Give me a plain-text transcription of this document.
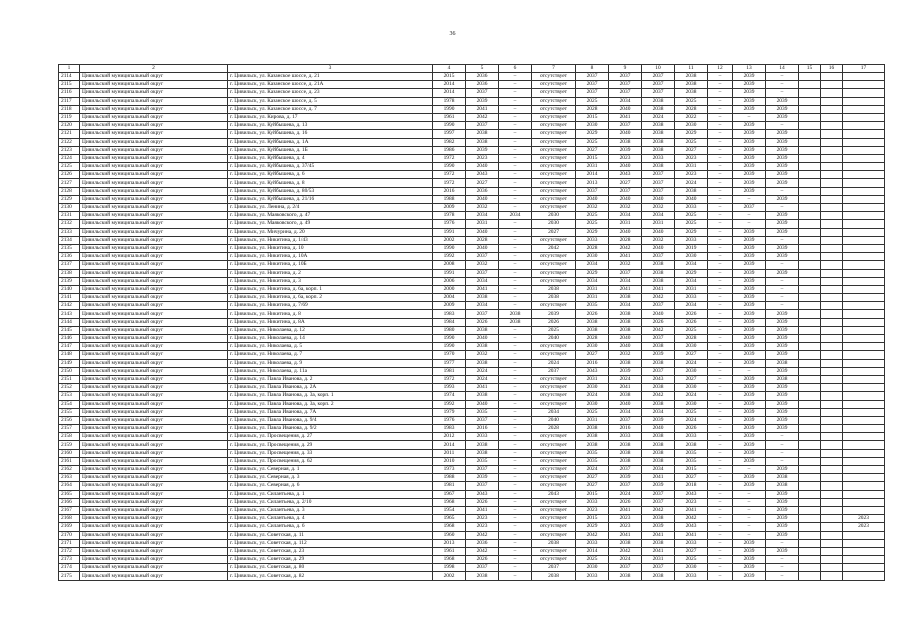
36
1	2	3	4	5	6	7	8	9	10	11	12	13	14	15	16	17
2114	Цивильский муниципальный округ	г. Цивильск, ул. Казанское шоссе, д. 21	2015	2036	–	отсутствует	2037	2037	2037	2038	–	2039	–			
2115	Цивильский муниципальный округ	г. Цивильск, ул. Казанское шоссе, д. 21А	2014	2036	–	отсутствует	2037	2037	2037	2038	–	2039	–			
2116	Цивильский муниципальный округ	г. Цивильск, ул. Казанское шоссе, д. 23	2014	2037	–	отсутствует	2037	2037	2037	2038	–	2039	–			
2117	Цивильский муниципальный округ	г. Цивильск, ул. Казанское шоссе, д. 5	1978	2039	–	отсутствует	2025	2034	2038	2025	–	2039	2039			
2118	Цивильский муниципальный округ	г. Цивильск, ул. Казанское шоссе, д. 7	1990	2041	–	отсутствует	2028	2040	2038	2028	–	2039	2039			
2119	Цивильский муниципальный округ	г. Цивильск, ул. Кирова, д. 17	1961	2042	–	отсутствует	2015	2041	2024	2022	–	–	2039			
2120	Цивильский муниципальный округ	г. Цивильск, ул. Куйбышева, д. 13	1990	2037	–	отсутствует	2030	2037	2038	2030	–	2039	–			
2121	Цивильский муниципальный округ	г. Цивильск, ул. Куйбышева, д. 16	1997	2038	–	отсутствует	2029	2040	2038	2029	–	2039	2039			
2122	Цивильский муниципальный округ	г. Цивильск, ул. Куйбышева, д. 1А	1982	2038	–	отсутствует	2025	2038	2038	2025	–	2039	2039			
2123	Цивильский муниципальный округ	г. Цивильск, ул. Куйбышева, д. 1Б	1986	2039	–	отсутствует	2027	2039	2038	2027	–	2039	2039			
2124	Цивильский муниципальный округ	г. Цивильск, ул. Куйбышева, д. 4	1972	2023	–	отсутствует	2015	2023	2033	2023	–	2039	2039			
2125	Цивильский муниципальный округ	г. Цивильск, ул. Куйбышева, д. 37/45	1990	2040	–	отсутствует	2031	2040	2038	2031	–	2039	2039			
2126	Цивильский муниципальный округ	г. Цивильск, ул. Куйбышева, д. 6	1972	2043	–	отсутствует	2014	2043	2037	2023	–	2039	2039			
2127	Цивильский муниципальный округ	г. Цивильск, ул. Куйбышева, д. 8	1972	2027	–	отсутствует	2013	2027	2037	2024	–	2039	2039			
2128	Цивильский муниципальный округ	г. Цивильск, ул. Куйбышева, д. 80/53	2016	2036	–	отсутствует	2037	2037	2037	2038	–	2039	–			
2129	Цивильский муниципальный округ	г. Цивильск, ул. Куйбышева, д. 21/16	1988	2040	–	отсутствует	2040	2040	2040	2040	–	–	2039			
2130	Цивильский муниципальный округ	г. Цивильск, ул. Ленина, д. 2/4	2009	2032	–	отсутствует	2032	2032	2032	2033	–	2037	–			
2131	Цивильский муниципальный округ	г. Цивильск, ул. Маяковского, д. 47	1978	2034	2034	2030	2025	2034	2034	2025	–	–	2039			
2132	Цивильский муниципальный округ	г. Цивильск, ул. Маяковского, д. 49	1976	2031	–	2030	2025	2031	2031	2025	–	–	2039			
2133	Цивильский муниципальный округ	г. Цивильск, ул. Мичурина, д. 20	1991	2040	–	2027	2029	2040	2040	2029	–	2039	2039			
2134	Цивильский муниципальный округ	г. Цивильск, ул. Никитина, д. 1/43	2002	2028	–	отсутствует	2033	2028	2032	2033	–	2039	–			
2135	Цивильский муниципальный округ	г. Цивильск, ул. Никитина, д. 10	1990	2040	–	2042	2028	2042	2040	2019	–	2039	2039			
2136	Цивильский муниципальный округ	г. Цивильск, ул. Никитина, д. 10А	1992	2037	–	отсутствует	2030	2041	2037	2030	–	2039	2039			
2137	Цивильский муниципальный округ	г. Цивильск, ул. Никитина, д. 10Б	2008	2032	–	отсутствует	2034	2032	2038	2034	–	2039	–			
2138	Цивильский муниципальный округ	г. Цивильск, ул. Никитина, д. 2	1991	2037	–	отсутствует	2029	2037	2038	2029	–	2039	2039			
2139	Цивильский муниципальный округ	г. Цивильск, ул. Никитина, д. 3	2006	2034	–	отсутствует	2034	2034	2038	2034	–	2039	–			
2140	Цивильский муниципальный округ	г. Цивильск, ул. Никитина, д. 6а, корп. 1	2000	2041	–	2038	2031	2041	2041	2031	–	2039	–			
2141	Цивильский муниципальный округ	г. Цивильск, ул. Никитина, д. 6а, корп. 2	2004	2038	–	2038	2031	2038	2042	2033	–	2039	–			
2142	Цивильский муниципальный округ	г. Цивильск, ул. Никитина, д. 7/69	2009	2034	–	отсутствует	2035	2034	2037	2034	–	2039	–			
2143	Цивильский муниципальный округ	г. Цивильск, ул. Никитина, д. 8	1983	2037	2038	2039	2026	2038	2040	2026	–	2039	2039			
2144	Цивильский муниципальный округ	г. Цивильск, ул. Никитина, д. 8А	1984	2026	2038	2026	2038	2038	2026	2026	–	2039	2039			
2145	Цивильский муниципальный округ	г. Цивильск, ул. Николаева, д. 12	1980	2038	–	2025	2038	2038	2042	2025	–	2039	2039			
2146	Цивильский муниципальный округ	г. Цивильск, ул. Николаева, д. 14	1990	2040	–	2040	2028	2040	2037	2028	–	2039	2039			
2147	Цивильский муниципальный округ	г. Цивильск, ул. Николаева, д. 5	1990	2038	–	отсутствует	2030	2040	2038	2030	–	2039	2039			
2148	Цивильский муниципальный округ	г. Цивильск, ул. Николаева, д. 7	1970	2032	–	отсутствует	2027	2032	2039	2027	–	2039	2039			
2149	Цивильский муниципальный округ	г. Цивильск, ул. Николаева, д. 9	1977	2038	–	2024	2016	2038	2038	2024	–	2039	2038			
2150	Цивильский муниципальный округ	г. Цивильск, ул. Николаева, д. 11а	1981	2024	–	2037	2043	2039	2037	2030	–	–	2039			
2151	Цивильский муниципальный округ	г. Цивильск, ул. Павла Иванова, д. 2	1972	2024	–	отсутствует	2031	2024	2043	2027	–	2039	2038			
2152	Цивильский муниципальный округ	г. Цивильск, ул. Павла Иванова, д. 2А	1993	2041	–	отсутствует	2030	2041	2038	2030	–	2039	2039			
2153	Цивильский муниципальный округ	г. Цивильск, ул. Павла Иванова, д. 3а, корп. 1	1974	2038	–	отсутствует	2024	2038	2042	2024	–	2039	2039			
2154	Цивильский муниципальный округ	г. Цивильск, ул. Павла Иванова, д. 3а, корп. 2	1992	2040	–	отсутствует	2030	2040	2038	2030	–	2039	2039			
2155	Цивильский муниципальный округ	г. Цивильск, ул. Павла Иванова, д. 7А	1979	2035	–	2034	2025	2034	2034	2025	–	2039	2039			
2156	Цивильский муниципальный округ	г. Цивильск, ул. Павла Иванова, д. 9/4	1976	2037	–	2040	2031	2037	2039	2024	–	2039	2039			
2157	Цивильский муниципальный округ	г. Цивильск, ул. Павла Иванова, д. 9/2	1983	2016	–	2028	2038	2016	2040	2026	–	2039	2039			
2158	Цивильский муниципальный округ	г. Цивильск, ул. Просвещения, д. 27	2012	2033	–	отсутствует	2038	2033	2038	2033	–	2039	–			
2159	Цивильский муниципальный округ	г. Цивильск, ул. Просвещения, д. 29	2014	2038	–	отсутствует	2038	2038	2038	2038	–	2039	–			
2160	Цивильский муниципальный округ	г. Цивильск, ул. Просвещения, д. 33	2011	2038	–	отсутствует	2035	2038	2038	2035	–	2039	–			
2161	Цивильский муниципальный округ	г. Цивильск, ул. Просвещения, д. 62	2010	2035	–	отсутствует	2035	2038	2038	2035	–	2039	–			
2162	Цивильский муниципальный округ	г. Цивильск, ул. Северная, д. 1	1973	2037	–	отсутствует	2024	2037	2034	2015	–	–	2039			
2163	Цивильский муниципальный округ	г. Цивильск, ул. Северная, д. 3	1988	2039	–	отсутствует	2027	2039	2041	2027	–	2039	2038			
2164	Цивильский муниципальный округ	г. Цивильск, ул. Северная, д. 6	1981	2037	–	отсутствует	2027	2037	2039	2018	–	2039	2038			
2165	Цивильский муниципальный округ	г. Цивильск, ул. Силантьева, д. 1	1967	2043	–	2043	2015	2024	2037	2043	–	–	2039			
2166	Цивильский муниципальный округ	г. Цивильск, ул. Силантьева, д. 2/10	1968	2026	–	отсутствует	2033	2026	2037	2023	–	–	2039			
2167	Цивильский муниципальный округ	г. Цивильск, ул. Силантьева, д. 3	1954	2041	–	отсутствует	2023	2041	2042	2041	–	–	2039			
2168	Цивильский муниципальный округ	г. Цивильск, ул. Силантьева, д. 4	1965	2023	–	отсутствует	2015	2023	2038	2042	–	–	2039			2023
2169	Цивильский муниципальный округ	г. Цивильск, ул. Силантьева, д. 6	1968	2023	–	отсутствует	2029	2023	2039	2043	–	–	2039			2023
2170	Цивильский муниципальный округ	г. Цивильск, ул. Советская, д. 11	1960	2042	–	отсутствует	2042	2041	2041	2041	–	–	2039			
2171	Цивильский муниципальный округ	г. Цивильск, ул. Советская, д. 112	2013	2036	–	2038	2033	2038	2038	2033	–	2039	–			
2172	Цивильский муниципальный округ	г. Цивильск, ул. Советская, д. 23	1961	2042	–	отсутствует	2014	2042	2041	2027	–	2039	2039			
2173	Цивильский муниципальный округ	г. Цивильск, ул. Советская, д. 29	1968	2026	–	отсутствует	2025	2024	2031	2025	–	2039	–			
2174	Цивильский муниципальный округ	г. Цивильск, ул. Советская, д. 80	1998	2037	–	2037	2030	2037	2037	2030	–	2039	–			
2175	Цивильский муниципальный округ	г. Цивильск, ул. Советская, д. 82	2002	2038	–	2038	2033	2038	2038	2033	–	2039	–			
